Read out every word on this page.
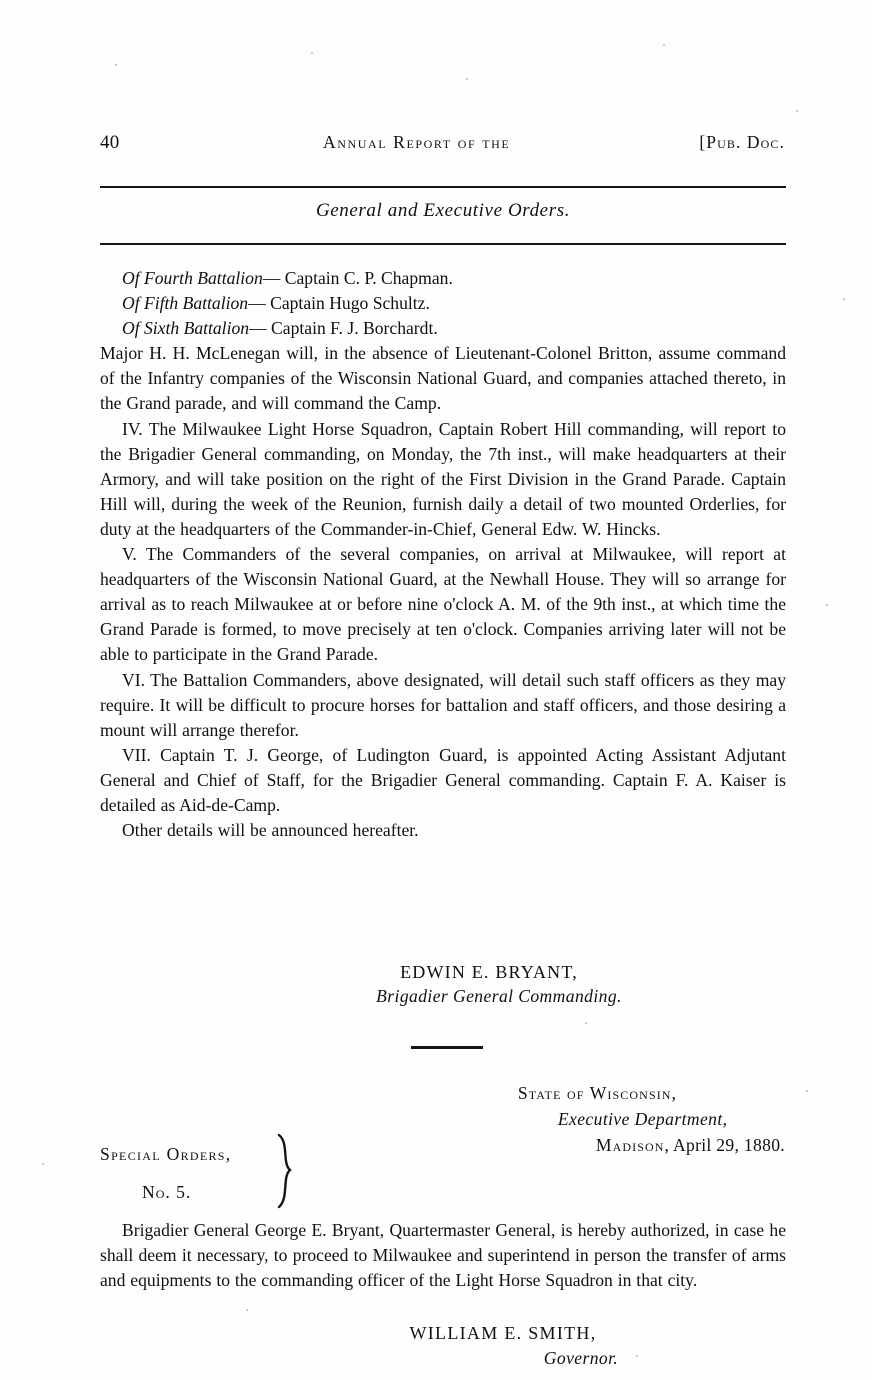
40	Annual Report of the	[Pub. Doc.
General and Executive Orders.

Of Fourth Battalion— Captain C. P. Chapman.

Of Fifth Battalion— Captain Hugo Schultz.

Of Sixth Battalion— Captain F. J. Borchardt.

Major H. H. McLenegan will, in the absence of Lieutenant-Colonel Britton, assume command of the Infantry companies of the Wisconsin National Guard, and companies attached thereto, in the Grand parade, and will command the Camp.

IV. The Milwaukee Light Horse Squadron, Captain Robert Hill commanding, will report to the Brigadier General commanding, on Monday, the 7th inst., will make headquarters at their Armory, and will take position on the right of the First Division in the Grand Parade. Captain Hill will, during the week of the Reunion, furnish daily a detail of two mounted Orderlies, for duty at the headquarters of the Commander-in-Chief, General Edw. W. Hincks.

V. The Commanders of the several companies, on arrival at Milwaukee, will report at headquarters of the Wisconsin National Guard, at the Newhall House. They will so arrange for arrival as to reach Milwaukee at or before nine o'clock A. M. of the 9th inst., at which time the Grand Parade is formed, to move precisely at ten o'clock. Companies arriving later will not be able to participate in the Grand Parade.

VI. The Battalion Commanders, above designated, will detail such staff officers as they may require. It will be difficult to procure horses for battalion and staff officers, and those desiring a mount will arrange therefor.

VII. Captain T. J. George, of Ludington Guard, is appointed Acting Assistant Adjutant General and Chief of Staff, for the Brigadier General commanding. Captain F. A. Kaiser is detailed as Aid-de-Camp.

Other details will be announced hereafter.

EDWIN E. BRYANT,
Brigadier General Commanding.
State of Wisconsin,
Executive Department,
Madison, April 29, 1880.
Special Orders,
No. 5.

Brigadier General George E. Bryant, Quartermaster General, is hereby authorized, in case he shall deem it necessary, to proceed to Milwaukee and superintend in person the transfer of arms and equipments to the commanding officer of the Light Horse Squadron in that city.

WILLIAM E. SMITH,
Governor.
